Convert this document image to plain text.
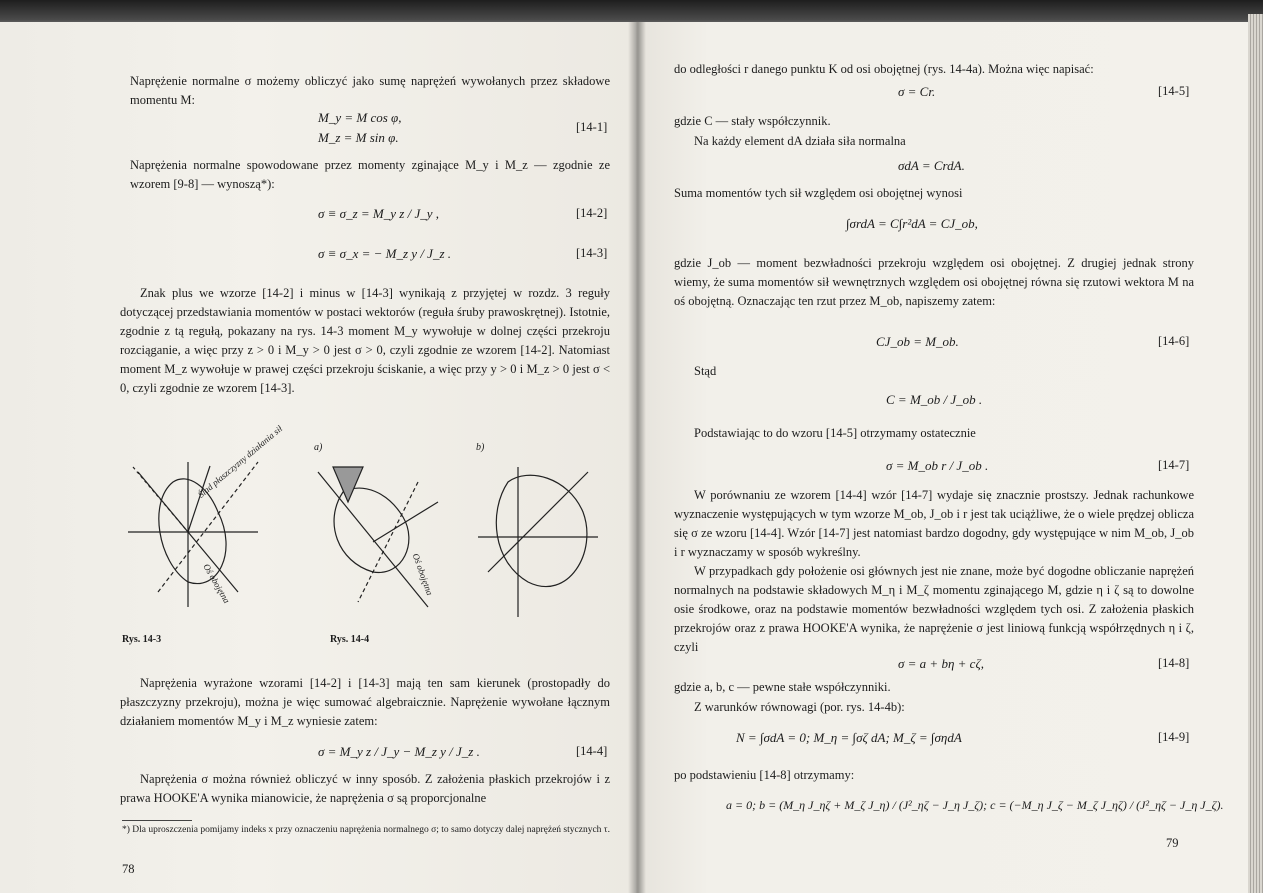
Naprężenie normalne σ możemy obliczyć jako sumę naprężeń wywołanych przez składowe momentu M:
M_y = M cos φ,
M_z = M sin φ.
[14-1]
Naprężenia normalne spowodowane przez momenty zginające M_y i M_z — zgodnie ze wzorem [9-8] — wynoszą*):
σ ≡ σ_z = M_y z / J_y ,	[14-2]
σ ≡ σ_x = − M_z y / J_z .	[14-3]
Znak plus we wzorze [14-2] i minus w [14-3] wynikają z przyjętej w rozdz. 3 reguły dotyczącej przedstawiania momentów w postaci wektorów (reguła śruby prawoskrętnej). Istotnie, zgodnie z tą regułą, pokazany na rys. 14-3 moment M_y wywołuje w dolnej części przekroju rozciąganie, a więc przy z > 0 i M_y > 0 jest σ > 0, czyli zgodnie ze wzorem [14-2]. Natomiast moment M_z wywołuje w prawej części przekroju ściskanie, a więc przy y > 0 i M_z > 0 jest σ < 0, czyli zgodnie ze wzorem [14-3].
a)	b)
Ślad płaszczyzny działania sił
Oś obojętna	Oś obojętna
Rys. 14-3	Rys. 14-4
Naprężenia wyrażone wzorami [14-2] i [14-3] mają ten sam kierunek (prostopadły do płaszczyzny przekroju), można je więc sumować algebraicznie. Naprężenie wywołane łącznym działaniem momentów M_y i M_z wyniesie zatem:
σ = M_y z / J_y − M_z y / J_z .	[14-4]
Naprężenia σ można również obliczyć w inny sposób. Z założenia płaskich przekrojów i z prawa HOOKE'A wynika mianowicie, że naprężenia σ są proporcjonalne
*) Dla uproszczenia pomijamy indeks x przy oznaczeniu naprężenia normalnego σ; to samo dotyczy dalej naprężeń stycznych τ.
78
do odległości r danego punktu K od osi obojętnej (rys. 14-4a). Można więc napisać:
σ = Cr.	[14-5]
gdzie C — stały współczynnik.
Na każdy element dA działa siła normalna
σdA = CrdA.
Suma momentów tych sił względem osi obojętnej wynosi
∫σrdA = C∫r²dA = CJ_ob,
gdzie J_ob — moment bezwładności przekroju względem osi obojętnej. Z drugiej jednak strony wiemy, że suma momentów sił wewnętrznych względem osi obojętnej równa się rzutowi wektora M na oś obojętną. Oznaczając ten rzut przez M_ob, napiszemy zatem:
CJ_ob = M_ob.	[14-6]
Stąd
C = M_ob / J_ob .
Podstawiając to do wzoru [14-5] otrzymamy ostatecznie
σ = M_ob r / J_ob .	[14-7]
W porównaniu ze wzorem [14-4] wzór [14-7] wydaje się znacznie prostszy. Jednak rachunkowe wyznaczenie występujących w tym wzorze M_ob, J_ob i r jest tak uciążliwe, że o wiele prędzej oblicza się σ ze wzoru [14-4]. Wzór [14-7] jest natomiast bardzo dogodny, gdy występujące w nim M_ob, J_ob i r wyznaczamy w sposób wykreślny.
W przypadkach gdy położenie osi głównych jest nie znane, może być dogodne obliczanie naprężeń normalnych na podstawie składowych M_η i M_ζ momentu zginającego M, gdzie η i ζ są to dowolne osie środkowe, oraz na podstawie momentów bezwładności względem tych osi. Z założenia płaskich przekrojów oraz z prawa HOOKE'A wynika, że naprężenie σ jest liniową funkcją współrzędnych η i ζ, czyli
σ = a + bη + cζ,	[14-8]
gdzie a, b, c — pewne stałe współczynniki.
Z warunków równowagi (por. rys. 14-4b):
N = ∫σdA = 0; M_η = ∫σζ dA; M_ζ = ∫σηdA	[14-9]
po podstawieniu [14-8] otrzymamy:
a = 0; b = (M_η J_ηζ + M_ζ J_η) / (J²_ηζ − J_η J_ζ); c = (−M_η J_ζ − M_ζ J_ηζ) / (J²_ηζ − J_η J_ζ).
79
